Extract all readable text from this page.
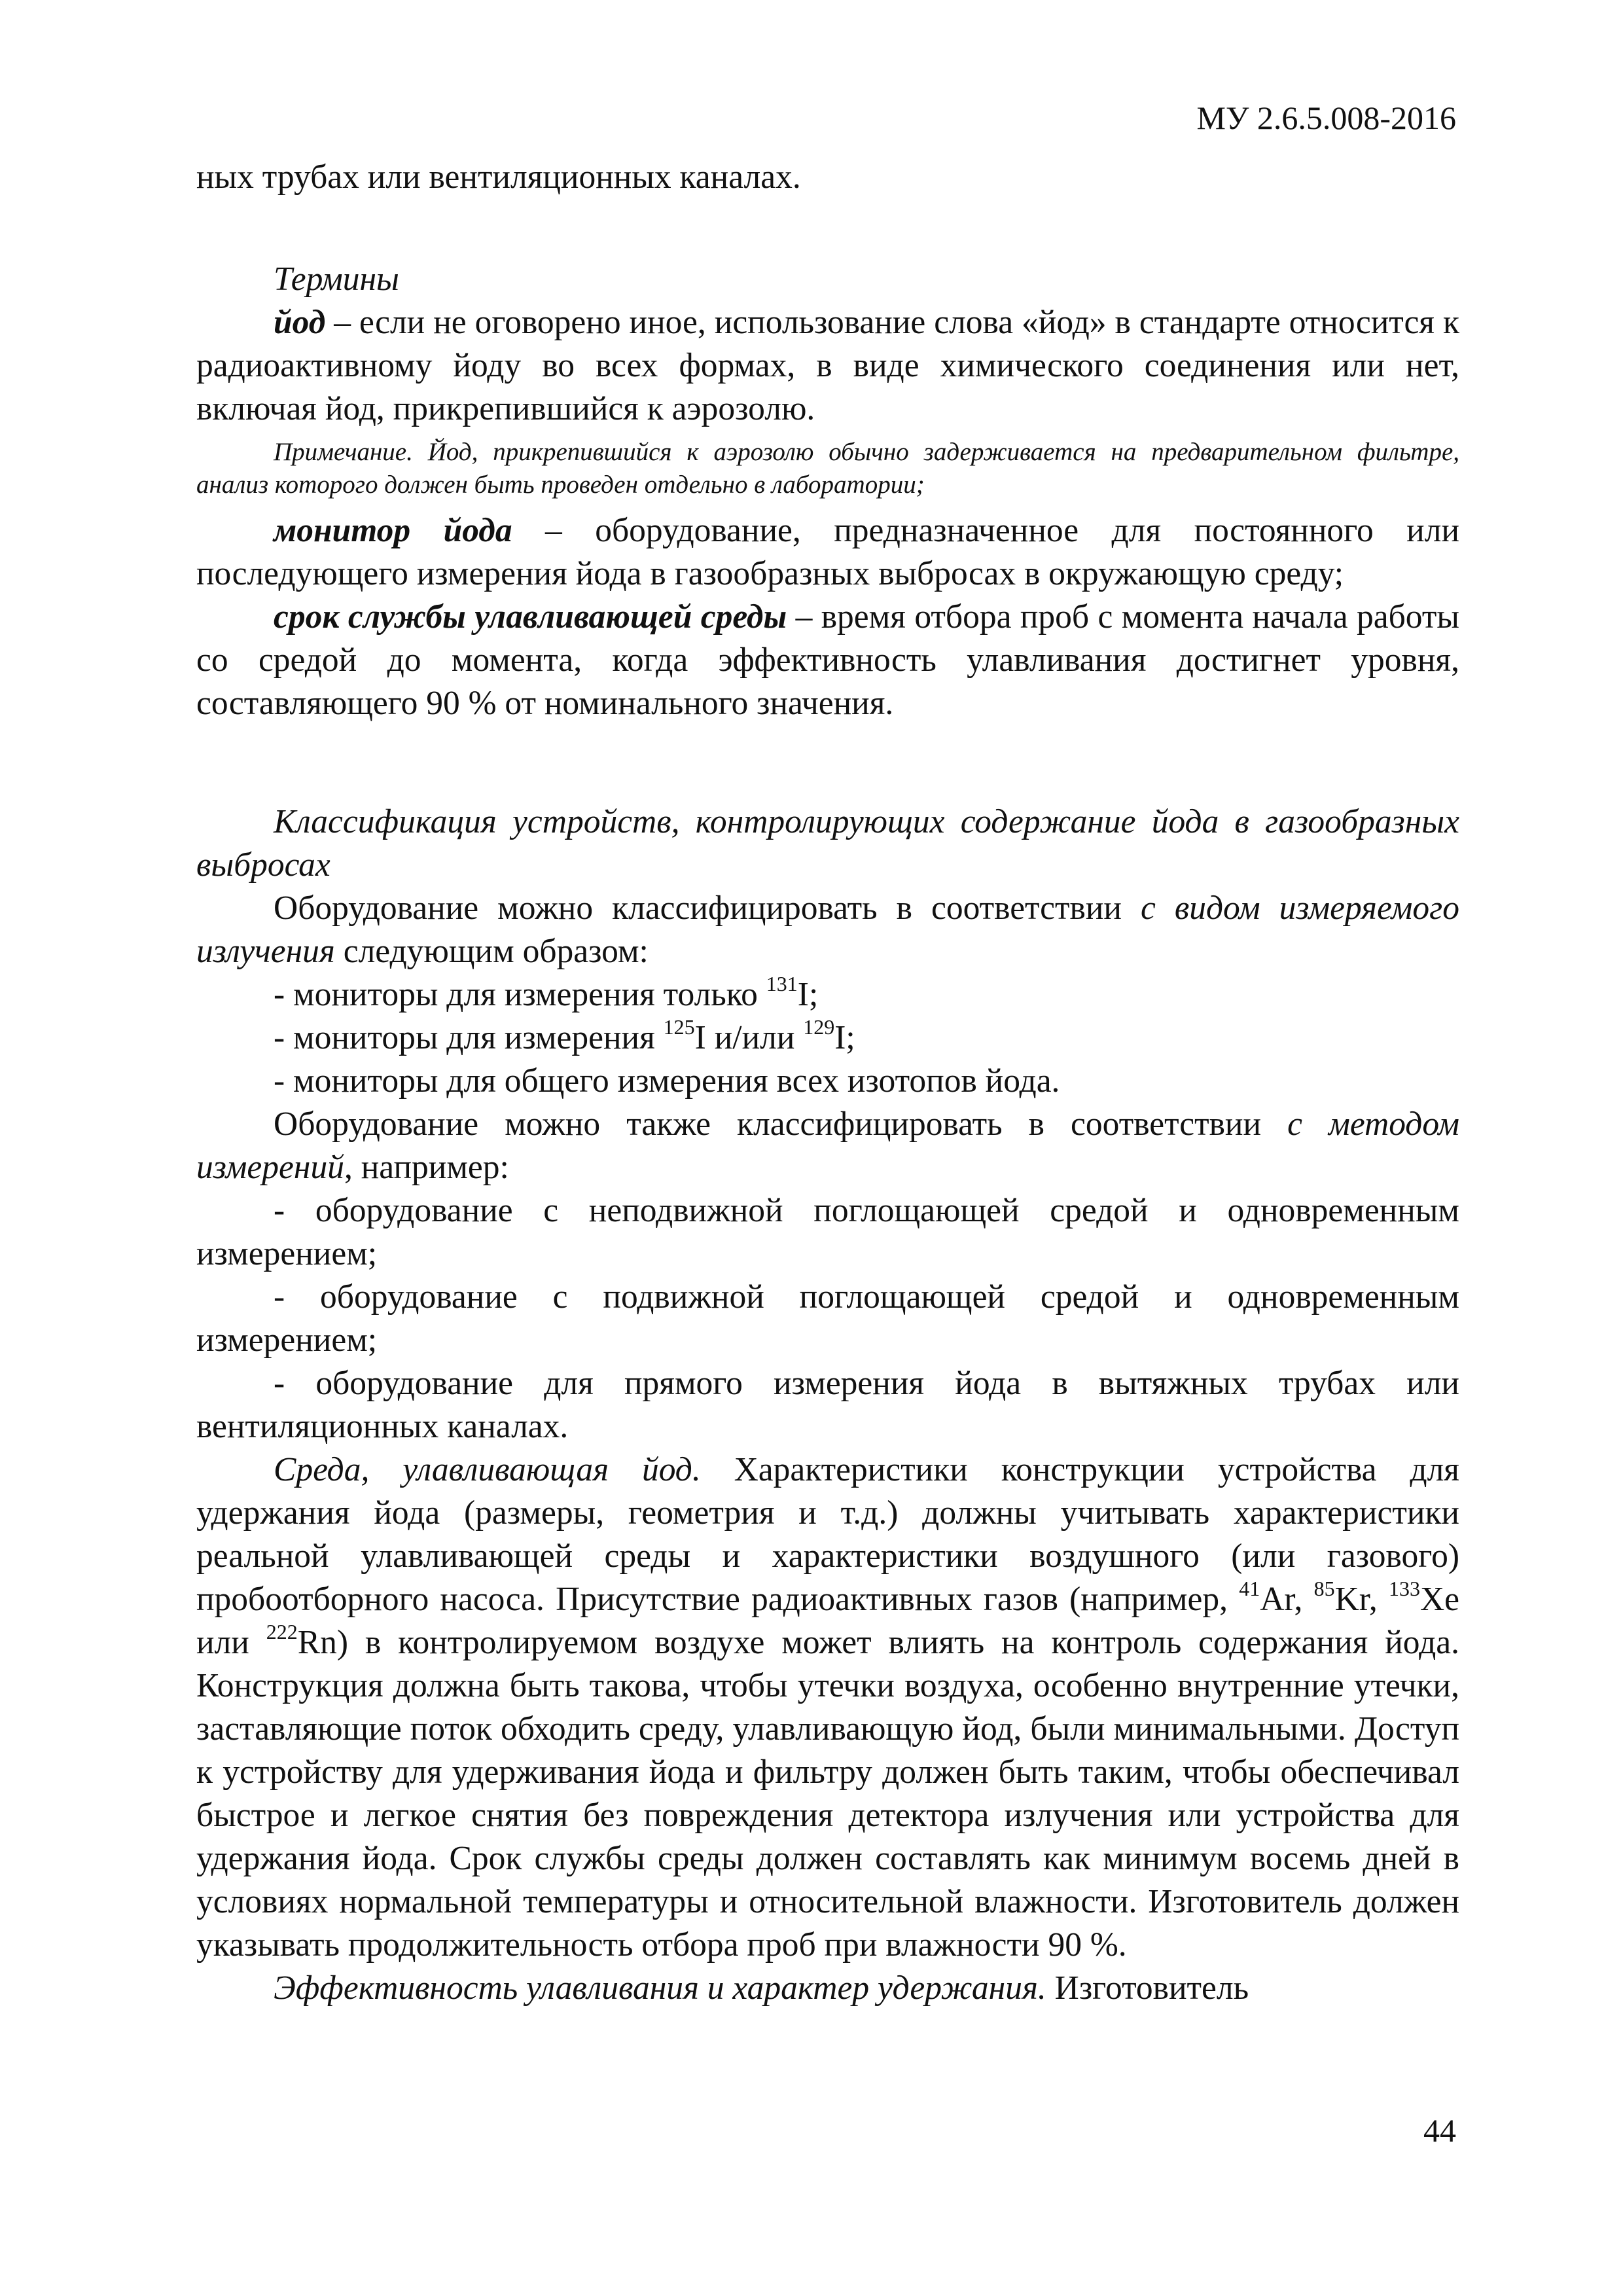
МУ 2.6.5.008-2016

ных трубах или вентиляционных каналах.

Термины

йод – если не оговорено иное, использование слова «йод» в стандарте относится к радиоактивному йоду во всех формах, в виде химического соединения или нет, включая йод, прикрепившийся к аэрозолю.

Примечание. Йод, прикрепившийся к аэрозолю обычно задерживается на предварительном фильтре, анализ которого должен быть проведен отдельно в лаборатории;

монитор йода – оборудование, предназначенное для постоянного или последующего измерения йода в газообразных выбросах в окружающую среду;

срок службы улавливающей среды – время отбора проб с момента начала работы со средой до момента, когда эффективность улавливания достигнет уровня, составляющего 90 % от номинального значения.

Классификация устройств, контролирующих содержание йода в газообразных выбросах

Оборудование можно классифицировать в соответствии с видом измеряемого излучения следующим образом:

- мониторы для измерения только $^{131}$I;

- мониторы для измерения $^{125}$I и/или $^{129}$I;

- мониторы для общего измерения всех изотопов йода.

Оборудование можно также классифицировать в соответствии с методом измерений, например:

- оборудование с неподвижной поглощающей средой и одновременным измерением;

- оборудование с подвижной поглощающей средой и одновременным измерением;

- оборудование для прямого измерения йода в вытяжных трубах или вентиляционных каналах.

Среда, улавливающая йод. Характеристики конструкции устройства для удержания йода (размеры, геометрия и т.д.) должны учитывать характеристики реальной улавливающей среды и характеристики воздушного (или газового) пробоотборного насоса. Присутствие радиоактивных газов (например, $^{41}$Ar, $^{85}$Kr, $^{133}$Xe или $^{222}$Rn) в контролируемом воздухе может влиять на контроль содержания йода. Конструкция должна быть такова, чтобы утечки воздуха, особенно внутренние утечки, заставляющие поток обходить среду, улавливающую йод, были минимальными. Доступ к устройству для удерживания йода и фильтру должен быть таким, чтобы обеспечивал быстрое и легкое снятия без повреждения детектора излучения или устройства для удержания йода. Срок службы среды должен составлять как минимум восемь дней в условиях нормальной температуры и относительной влажности. Изготовитель должен указывать продолжительность отбора проб при влажности 90 %.

Эффективность улавливания и характер удержания. Изготовитель

44
